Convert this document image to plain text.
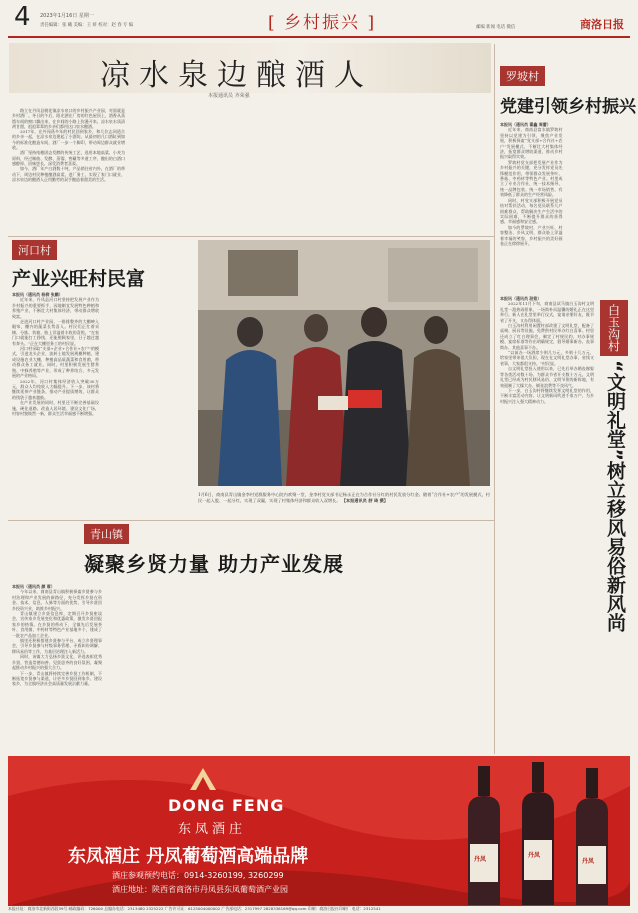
4 2023年1月16日 星期一
责任编辑：张 曦 美编：王 妍 校对：赵 春 专 编	[ 乡村振兴 ]	邮编 新闻 电话 微信	商洛日报
凉水泉边酿酒人
本报通讯员 齐荣强

路立在丹凤县桃花镇凉水泉口的乡村振兴产业园，对面就是乡村酒厂。冬日的午后，阳光洒在厂房的红色屋顶上，酒香从蒸馏车间的窗口飘出来，在乡间的小路上弥漫开来。凉水泉水质清冽甘甜，祖祖辈辈的乡亲们都用这口泉水酿酒。

2017年，在外闯荡多年的村民回到家乡，和几位志同道合的乡亲一起，在凉水泉边建起了小酒坊。从最初的几口酒缸到如今的标准化酿造车间，酒厂一步一个脚印，带动周边群众就业增收。

酒厂坚持纯粮固态发酵的传统工艺，选用本地高粱、小麦为原料，经过制曲、发酵、蒸馏、窖藏等多道工序，酿出的白酒口感醇厚、回味悠长，深受消费者喜爱。

如今，酒厂年产白酒数十吨，产品销往省内外。在酒厂的带动下，周边村民种植酿酒高粱，进厂务工，实现了家门口就业，凉水泉边的酿酒人正用勤劳的双手酿造着甜美的生活。

罗坡村
党建引领乡村振兴

本报讯（通讯员 翟鑫 周蕾）

近年来，商南县富水镇罗坡村坚持以党建为引领，聚焦产业发展，积极探索“党支部+合作社+农户”发展模式，不断壮大村集体经济，拓宽群众增收渠道，推动乡村振兴取得实效。

罗坡村党支部把发展产业作为乡村振兴的关键，充分发挥党员先锋模范作用，带领群众发展茶叶、香菇、中药材等特色产业。村里成立了专业合作社，统一技术指导、统一品牌包装、统一市场销售，有效降低了群众的生产经营风险。

同时，村党支部积极开展党员结对帮扶活动，每名党员联系几户困难群众，帮助解决生产生活中的实际困难，不断提升群众的获得感、幸福感和安全感。

如今的罗坡村，产业兴旺、村容整洁、乡风文明，群众脸上洋溢着幸福的笑容，乡村振兴的美好画卷正在徐徐展开。

河口村
产业兴旺村民富

本报讯（通讯员 杨柳 张鹏）

近年来，丹凤县河口村坚持把发展产业作为乡村振兴的重要抓手，因地制宜发展特色种植和养殖产业，不断壮大村集体经济，带动群众增收致富。

走进河口村产业园，一排排整齐的大棚映入眼帘，棚内的蔬菜长势喜人。村民们正忙着采摘、分拣、装箱，脸上洋溢着丰收的喜悦。“在家门口就能打工挣钱，还能照顾家里，日子越过越有奔头。”正在大棚里务工的村民说。

河口村采取“支部+企业+合作社+农户”的模式，引进龙头企业，流转土地发展规模种植，建成设施农业大棚，种植高品质蔬菜和食用菌，带动群众务工就业。同时，村里积极发展生猪养殖、中蜂养殖等产业，形成了种养结合、多元发展的产业格局。

2022年，河口村集体经济收入突破30万元，群众人均纯收入大幅提升。下一步，该村将继续延伸产业链条，推动产业提质增效，让群众的钱袋子越来越鼓。

在产业发展的同时，村里还不断完善基础设施，硬化道路、改造人居环境、建设文化广场，村容村貌焕然一新，群众生活幸福感不断增强。

1月6日，商南县青山镇金李村党群服务中心院内欢聚一堂，金李村党支部书记杨永正在为合作社分红的村民发放分红金。随着“合作社+农户”的发展模式，村民一起入股、一起分红，实现了双赢，实现了村集体经济和群众收入双增长。 【本报通讯员 舒 琦 摄】
青山镇
凝聚乡贤力量 助力产业发展

本报讯（通讯员 颜 蓉）

今年以来，商南县青山镇积极探索乡贤参与乡村治理和产业发展的新路径，充分发挥乡贤在资金、技术、信息、人脉等方面的优势，引导乡贤回乡投资兴业，助推乡村振兴。

青山镇建立乡贤信息库，定期召开乡贤座谈会，宣传家乡发展变化和优惠政策，激发乡贤回报家乡的热情。在乡贤的带动下，全镇先后发展茶叶、食用菌、中药材等特色产业基地多个，建成了一批农产品加工企业。

镇里还积极搭建乡贤参与平台，成立乡贤理事会，引导乡贤参与村级事务管理、矛盾纠纷调解、移风易俗等工作，为基层治理注入新活力。

同时，该镇大力弘扬乡贤文化，评选表彰优秀乡贤，营造崇德向善、见贤思齐的良好氛围，凝聚起推动乡村振兴的强大合力。

下一步，青山镇将持续完善乡贤工作机制，不断拓宽乡贤参与渠道，让更多乡贤回到家乡、建设家乡，为全镇经济社会高质量发展贡献力量。

本报讯（通讯员 段铭）

2022年11月下旬，商南县试马镇白玉沟村文明礼堂一派热闹景象，一场简朴而温馨的婚礼正在这里举行。新人在礼堂里举行仪式，宴请亲朋好友，既节省了开支，又办得体面。

白玉沟村利用闲置村部改建了文明礼堂，配备了桌椅、厨具等设施，免费供村民举办红白喜事。村里还成立了红白理事会，制定了村规民约，对办事规模、宴席标准等作出明确规定，倡导婚事新办、丧事简办、其他喜事不办。

“以前办一场酒席少则几万元，多则十几万元，给家里带来很大负担。现在在文明礼堂办事，省钱又省事，大家都很支持。”村民说。

自文明礼堂投入使用以来，已先后举办婚丧嫁娶等各类活动数十场，为群众节省开支数十万元。文明礼堂已经成为村民移风易俗、文明节俭的新阵地，有效遏制了大操大办、铺张浪费等不良风气。

下一步，白玉沟村将继续发挥文明礼堂的作用，不断丰富活动内容，让文明新风吹进千家万户，为乡村振兴注入强大精神动力。

白玉沟村
“文明礼堂”树立移风易俗新风尚
DONG FENG
东凤酒庄
东凤酒庄 丹凤葡萄酒高端品牌
酒庄参观预约电话：0914-3260199, 3260299
酒庄地址：陕西省商洛市丹凤县东凤葡萄酒产业园
丹凤
丹凤
丹凤
本报社址：商洛市北新街西段59号 邮政编码：726000 总编办电话：2313480 2325222 广告许可证：6125004000002 广告部电话：2317997 2828336169@qq.com 印刷：商洛日报社印刷厂 电话：2312541
